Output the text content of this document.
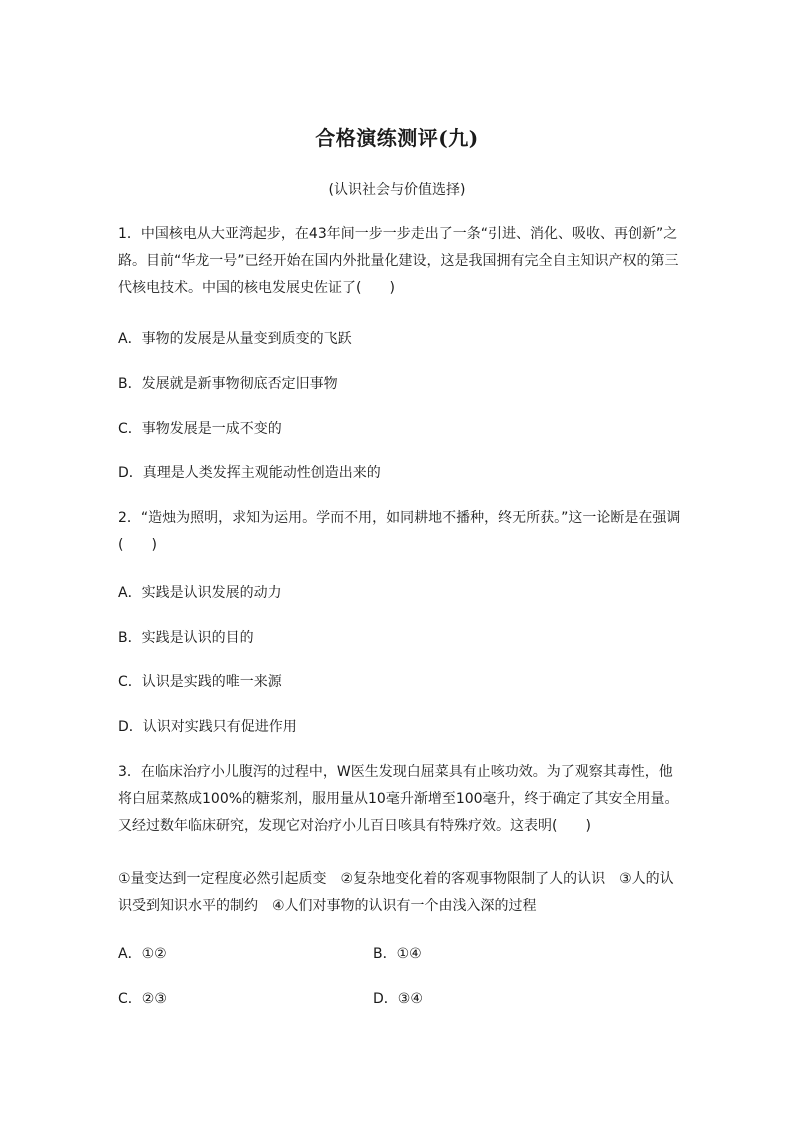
合格演练测评(九)
(认识社会与价值选择)

1．中国核电从大亚湾起步，在43年间一步一步走出了一条“引进、消化、吸收、再创新”之路。目前“华龙一号”已经开始在国内外批量化建设，这是我国拥有完全自主知识产权的第三代核电技术。中国的核电发展史佐证了(　　)

A．事物的发展是从量变到质变的飞跃
B．发展就是新事物彻底否定旧事物
C．事物发展是一成不变的
D．真理是人类发挥主观能动性创造出来的

2．“造烛为照明，求知为运用。学而不用，如同耕地不播种，终无所获。”这一论断是在强调(　　)

A．实践是认识发展的动力
B．实践是认识的目的
C．认识是实践的唯一来源
D．认识对实践只有促进作用

3．在临床治疗小儿腹泻的过程中，W医生发现白屈菜具有止咳功效。为了观察其毒性，他将白屈菜熬成100%的糖浆剂，服用量从10毫升渐增至100毫升，终于确定了其安全用量。又经过数年临床研究，发现它对治疗小儿百日咳具有特殊疗效。这表明(　　)

①量变达到一定程度必然引起质变　②复杂地变化着的客观事物限制了人的认识　③人的认识受到知识水平的制约　④人们对事物的认识有一个由浅入深的过程

A．①②	B．①④
C．②③	D．③④
